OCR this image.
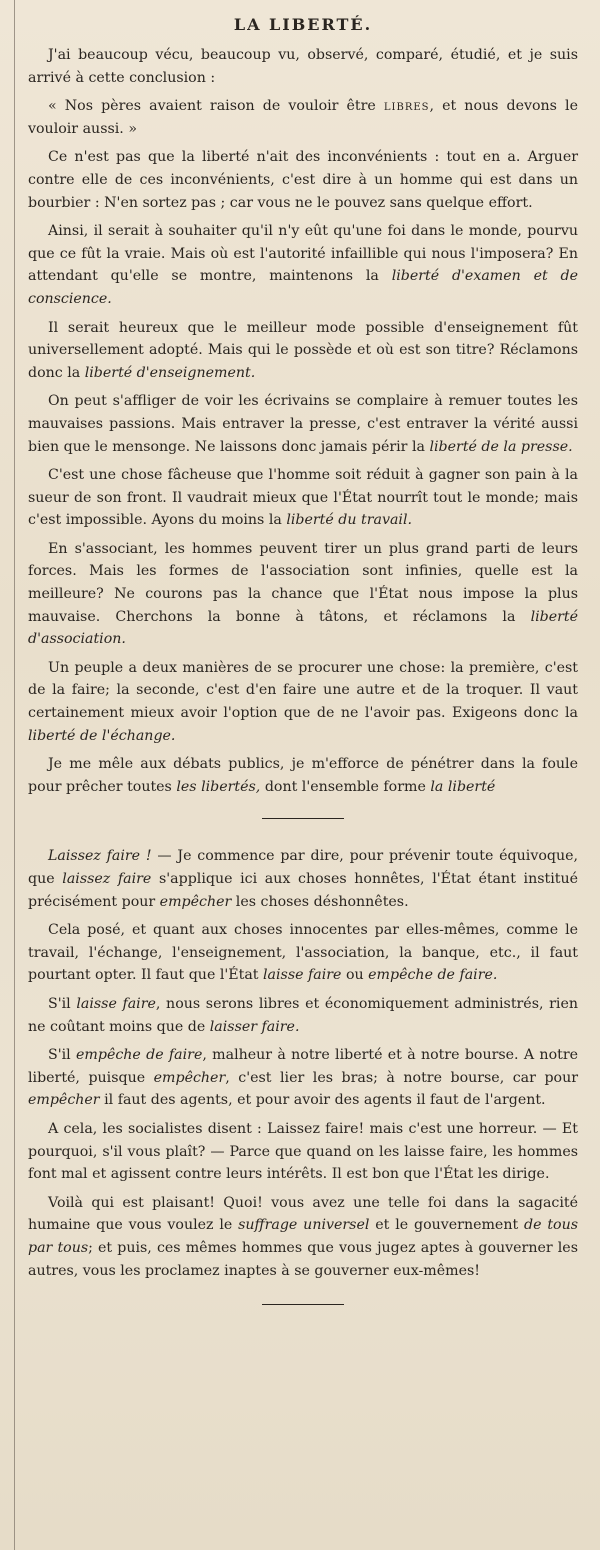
LA LIBERTÉ.

J'ai beaucoup vécu, beaucoup vu, observé, comparé, étudié, et je suis arrivé à cette conclusion :

« Nos pères avaient raison de vouloir être libres, et nous devons le vouloir aussi. »

Ce n'est pas que la liberté n'ait des inconvénients : tout en a. Arguer contre elle de ces inconvénients, c'est dire à un homme qui est dans un bourbier : N'en sortez pas ; car vous ne le pouvez sans quelque effort.

Ainsi, il serait à souhaiter qu'il n'y eût qu'une foi dans le monde, pourvu que ce fût la vraie. Mais où est l'autorité infaillible qui nous l'imposera? En attendant qu'elle se montre, maintenons la liberté d'examen et de conscience.

Il serait heureux que le meilleur mode possible d'enseignement fût universellement adopté. Mais qui le possède et où est son titre? Réclamons donc la liberté d'enseignement.

On peut s'affliger de voir les écrivains se complaire à remuer toutes les mauvaises passions. Mais entraver la presse, c'est entraver la vérité aussi bien que le mensonge. Ne laissons donc jamais périr la liberté de la presse.

C'est une chose fâcheuse que l'homme soit réduit à gagner son pain à la sueur de son front. Il vaudrait mieux que l'État nourrît tout le monde; mais c'est impossible. Ayons du moins la liberté du travail.

En s'associant, les hommes peuvent tirer un plus grand parti de leurs forces. Mais les formes de l'association sont infinies, quelle est la meilleure? Ne courons pas la chance que l'État nous impose la plus mauvaise. Cherchons la bonne à tâtons, et réclamons la liberté d'association.

Un peuple a deux manières de se procurer une chose: la première, c'est de la faire; la seconde, c'est d'en faire une autre et de la troquer. Il vaut certainement mieux avoir l'option que de ne l'avoir pas. Exigeons donc la liberté de l'échange.

Je me mêle aux débats publics, je m'efforce de pénétrer dans la foule pour prêcher toutes les libertés, dont l'ensemble forme la liberté

Laissez faire ! — Je commence par dire, pour prévenir toute équivoque, que laissez faire s'applique ici aux choses honnêtes, l'État étant institué précisément pour empêcher les choses déshonnêtes.

Cela posé, et quant aux choses innocentes par elles-mêmes, comme le travail, l'échange, l'enseignement, l'association, la banque, etc., il faut pourtant opter. Il faut que l'État laisse faire ou empêche de faire.

S'il laisse faire, nous serons libres et économiquement administrés, rien ne coûtant moins que de laisser faire.

S'il empêche de faire, malheur à notre liberté et à notre bourse. A notre liberté, puisque empêcher, c'est lier les bras; à notre bourse, car pour empêcher il faut des agents, et pour avoir des agents il faut de l'argent.

A cela, les socialistes disent : Laissez faire! mais c'est une horreur. — Et pourquoi, s'il vous plaît? — Parce que quand on les laisse faire, les hommes font mal et agissent contre leurs intérêts. Il est bon que l'État les dirige.

Voilà qui est plaisant! Quoi! vous avez une telle foi dans la sagacité humaine que vous voulez le suffrage universel et le gouvernement de tous par tous; et puis, ces mêmes hommes que vous jugez aptes à gouverner les autres, vous les proclamez inaptes à se gouverner eux-mêmes!
